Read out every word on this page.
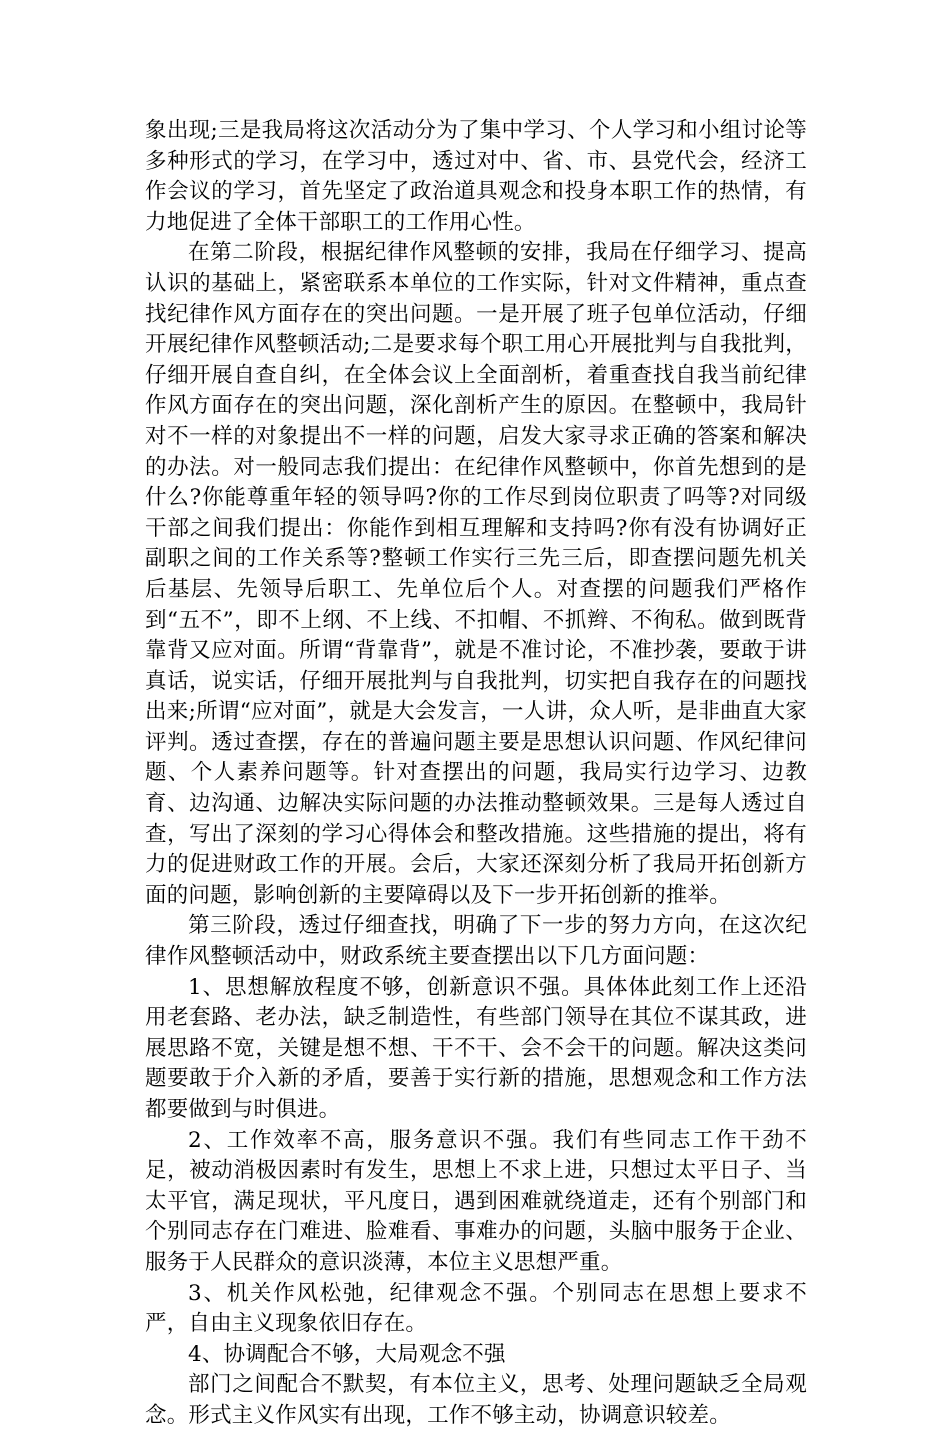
象出现;三是我局将这次活动分为了集中学习、个人学习和小组讨论等多种形式的学习，在学习中，透过对中、省、市、县党代会，经济工作会议的学习，首先坚定了政治道具观念和投身本职工作的热情，有力地促进了全体干部职工的工作用心性。

在第二阶段，根据纪律作风整顿的安排，我局在仔细学习、提高认识的基础上，紧密联系本单位的工作实际，针对文件精神，重点查找纪律作风方面存在的突出问题。一是开展了班子包单位活动，仔细开展纪律作风整顿活动;二是要求每个职工用心开展批判与自我批判，仔细开展自查自纠，在全体会议上全面剖析，着重查找自我当前纪律作风方面存在的突出问题，深化剖析产生的原因。在整顿中，我局针对不一样的对象提出不一样的问题，启发大家寻求正确的答案和解决的办法。对一般同志我们提出：在纪律作风整顿中，你首先想到的是什么?你能尊重年轻的领导吗?你的工作尽到岗位职责了吗等?对同级干部之间我们提出：你能作到相互理解和支持吗?你有没有协调好正副职之间的工作关系等?整顿工作实行三先三后，即查摆问题先机关后基层、先领导后职工、先单位后个人。对查摆的问题我们严格作到“五不”，即不上纲、不上线、不扣帽、不抓辫、不徇私。做到既背靠背又应对面。所谓“背靠背”，就是不准讨论，不准抄袭，要敢于讲真话，说实话，仔细开展批判与自我批判，切实把自我存在的问题找出来;所谓“应对面”，就是大会发言，一人讲，众人听，是非曲直大家评判。透过查摆，存在的普遍问题主要是思想认识问题、作风纪律问题、个人素养问题等。针对查摆出的问题，我局实行边学习、边教育、边沟通、边解决实际问题的办法推动整顿效果。三是每人透过自查，写出了深刻的学习心得体会和整改措施。这些措施的提出，将有力的促进财政工作的开展。会后，大家还深刻分析了我局开拓创新方面的问题，影响创新的主要障碍以及下一步开拓创新的推举。

第三阶段，透过仔细查找，明确了下一步的努力方向，在这次纪律作风整顿活动中，财政系统主要查摆出以下几方面问题：

1、思想解放程度不够，创新意识不强。具体体此刻工作上还沿用老套路、老办法，缺乏制造性，有些部门领导在其位不谋其政，进展思路不宽，关键是想不想、干不干、会不会干的问题。解决这类问题要敢于介入新的矛盾，要善于实行新的措施，思想观念和工作方法都要做到与时俱进。

2、工作效率不高，服务意识不强。我们有些同志工作干劲不足，被动消极因素时有发生，思想上不求上进，只想过太平日子、当太平官，满足现状，平凡度日，遇到困难就绕道走，还有个别部门和个别同志存在门难进、脸难看、事难办的问题，头脑中服务于企业、服务于人民群众的意识淡薄，本位主义思想严重。

3、机关作风松弛，纪律观念不强。个别同志在思想上要求不严，自由主义现象依旧存在。

4、协调配合不够，大局观念不强

部门之间配合不默契，有本位主义，思考、处理问题缺乏全局观念。形式主义作风实有出现，工作不够主动，协调意识较差。
